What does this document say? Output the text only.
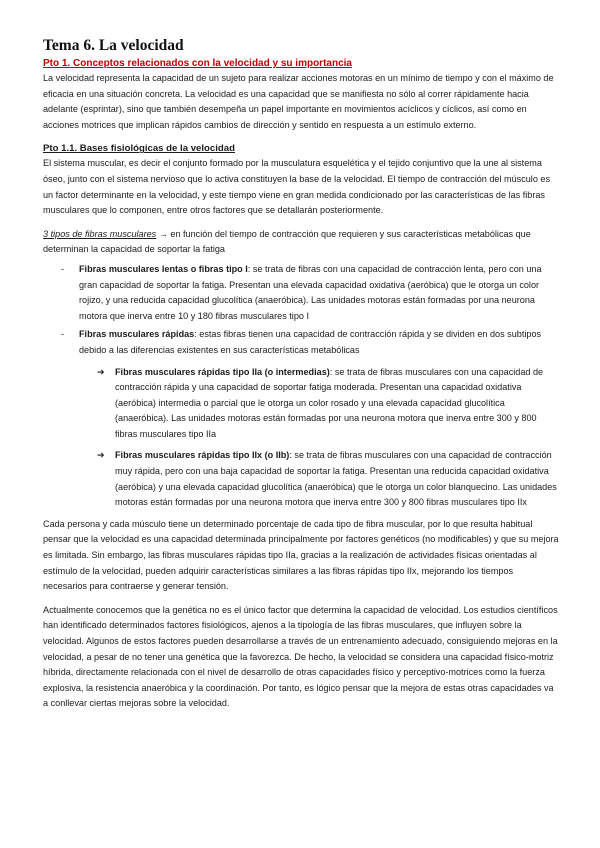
Tema 6. La velocidad
Pto 1. Conceptos relacionados con la velocidad y su importancia

La velocidad representa la capacidad de un sujeto para realizar acciones motoras en un mínimo de tiempo y con el máximo de eficacia en una situación concreta. La velocidad es una capacidad que se manifiesta no sólo al correr rápidamente hacia adelante (esprintar), sino que también desempeña un papel importante en movimientos acíclicos y cíclicos, así como en acciones motrices que implican rápidos cambios de dirección y sentido en respuesta a un estímulo externo.

Pto 1.1. Bases fisiológicas de la velocidad

El sistema muscular, es decir el conjunto formado por la musculatura esquelética y el tejido conjuntivo que la une al sistema óseo, junto con el sistema nervioso que lo activa constituyen la base de la velocidad. El tiempo de contracción del músculo es un factor determinante en la velocidad, y este tiempo viene en gran medida condicionado por las características de las fibras musculares que lo componen, entre otros factores que se detallarán posteriormente.

3 tipos de fibras musculares → en función del tiempo de contracción que requieren y sus características metabólicas que determinan la capacidad de soportar la fatiga

- Fibras musculares lentas o fibras tipo I: se trata de fibras con una capacidad de contracción lenta, pero con una gran capacidad de soportar la fatiga. Presentan una elevada capacidad oxidativa (aeróbica) que le otorga un color rojizo, y una reducida capacidad glucolítica (anaeróbica). Las unidades motoras están formadas por una neurona motora que inerva entre 10 y 180 fibras musculares tipo I
- Fibras musculares rápidas: estas fibras tienen una capacidad de contracción rápida y se dividen en dos subtipos debido a las diferencias existentes en sus características metabólicas
➔ Fibras musculares rápidas tipo IIa (o intermedias): se trata de fibras musculares con una capacidad de contracción rápida y una capacidad de soportar fatiga moderada. Presentan una capacidad oxidativa (aeróbica) intermedia o parcial que le otorga un color rosado y una elevada capacidad glucolítica (anaeróbica). Las unidades motoras están formadas por una neurona motora que inerva entre 300 y 800 fibras musculares tipo IIa
➔ Fibras musculares rápidas tipo IIx (o IIb): se trata de fibras musculares con una capacidad de contracción muy rápida, pero con una baja capacidad de soportar la fatiga. Presentan una reducida capacidad oxidativa (aeróbica) y una elevada capacidad glucolítica (anaeróbica) que le otorga un color blanquecino. Las unidades motoras están formadas por una neurona motora que inerva entre 300 y 800 fibras musculares tipo IIx

Cada persona y cada músculo tiene un determinado porcentaje de cada tipo de fibra muscular, por lo que resulta habitual pensar que la velocidad es una capacidad determinada principalmente por factores genéticos (no modificables) y que su mejora es limitada. Sin embargo, las fibras musculares rápidas tipo IIa, gracias a la realización de actividades físicas orientadas al estímulo de la velocidad, pueden adquirir características similares a las fibras rápidas tipo IIx, mejorando los tiempos necesarios para contraerse y generar tensión.

Actualmente conocemos que la genética no es el único factor que determina la capacidad de velocidad. Los estudios científicos han identificado determinados factores fisiológicos, ajenos a la tipología de las fibras musculares, que influyen sobre la velocidad. Algunos de estos factores pueden desarrollarse a través de un entrenamiento adecuado, consiguiendo mejoras en la velocidad, a pesar de no tener una genética que la favorezca. De hecho, la velocidad se considera una capacidad físico-motriz híbrida, directamente relacionada con el nivel de desarrollo de otras capacidades físico y perceptivo-motrices como la fuerza explosiva, la resistencia anaeróbica y la coordinación. Por tanto, es lógico pensar que la mejora de estas otras capacidades va a conllevar ciertas mejoras sobre la velocidad.
